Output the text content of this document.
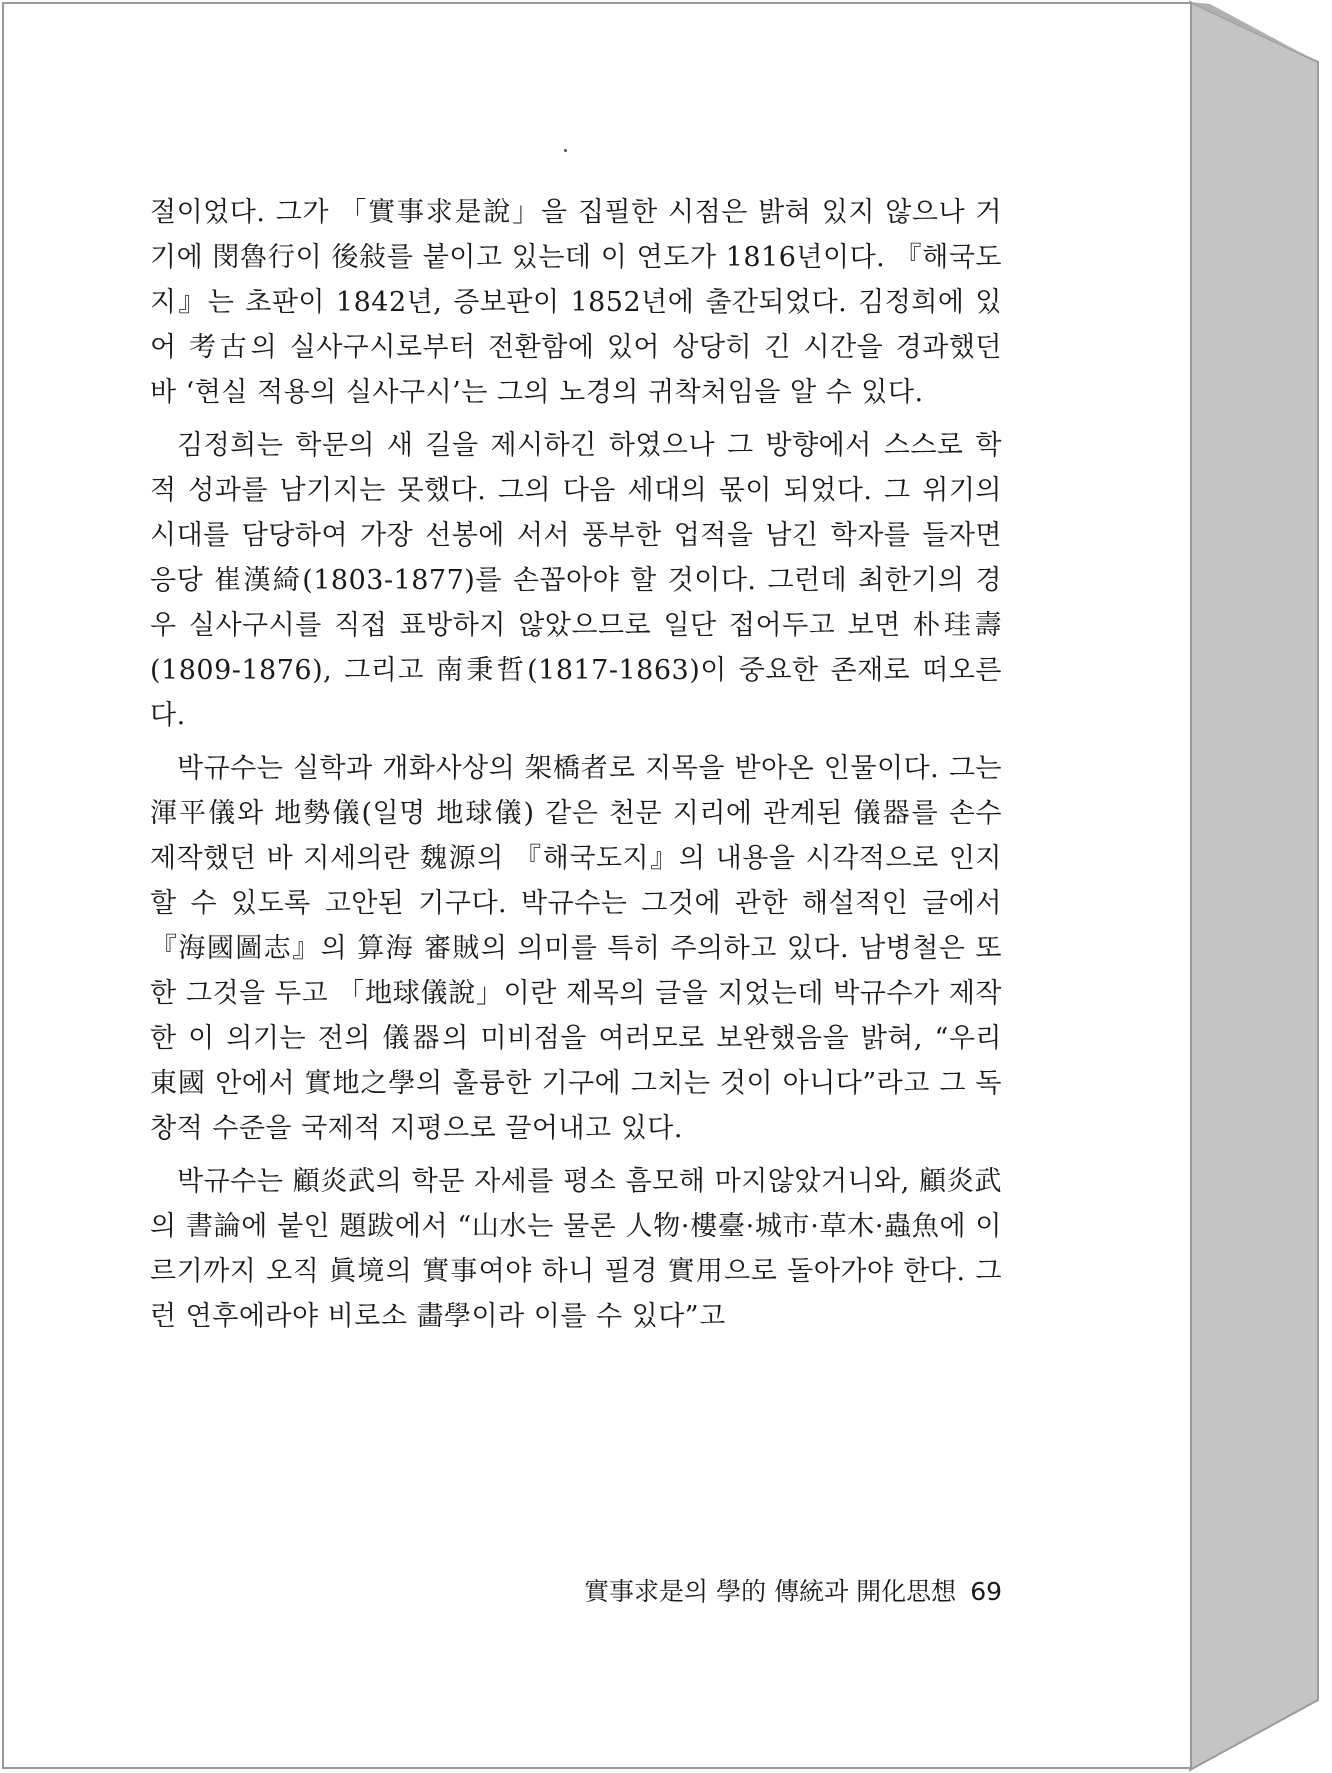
절이었다. 그가 「實事求是說」을 집필한 시점은 밝혀 있지 않으나 거기에 閔魯行이 後敍를 붙이고 있는데 이 연도가 1816년이다. 『해국도지』는 초판이 1842년, 증보판이 1852년에 출간되었다. 김정희에 있어 考古의 실사구시로부터 전환함에 있어 상당히 긴 시간을 경과했던 바 ‘현실 적용의 실사구시’는 그의 노경의 귀착처임을 알 수 있다.

김정희는 학문의 새 길을 제시하긴 하였으나 그 방향에서 스스로 학적 성과를 남기지는 못했다. 그의 다음 세대의 몫이 되었다. 그 위기의 시대를 담당하여 가장 선봉에 서서 풍부한 업적을 남긴 학자를 들자면 응당 崔漢綺(1803-1877)를 손꼽아야 할 것이다. 그런데 최한기의 경우 실사구시를 직접 표방하지 않았으므로 일단 접어두고 보면 朴珪壽(1809-1876), 그리고 南秉哲(1817-1863)이 중요한 존재로 떠오른다.

박규수는 실학과 개화사상의 架橋者로 지목을 받아온 인물이다. 그는 渾平儀와 地勢儀(일명 地球儀) 같은 천문 지리에 관계된 儀器를 손수 제작했던 바 지세의란 魏源의 『해국도지』의 내용을 시각적으로 인지할 수 있도록 고안된 기구다. 박규수는 그것에 관한 해설적인 글에서 『海國圖志』의 算海 審賊의 의미를 특히 주의하고 있다. 남병철은 또한 그것을 두고 「地球儀說」이란 제목의 글을 지었는데 박규수가 제작한 이 의기는 전의 儀器의 미비점을 여러모로 보완했음을 밝혀, “우리 東國 안에서 實地之學의 훌륭한 기구에 그치는 것이 아니다”라고 그 독창적 수준을 국제적 지평으로 끌어내고 있다.

박규수는 顧炎武의 학문 자세를 평소 흠모해 마지않았거니와, 顧炎武의 書論에 붙인 題跋에서 “山水는 물론 人物·樓臺·城市·草木·蟲魚에 이르기까지 오직 眞境의 實事여야 하니 필경 實用으로 돌아가야 한다. 그런 연후에라야 비로소 畵學이라 이를 수 있다”고

實事求是의 學的 傳統과 開化思想 69
